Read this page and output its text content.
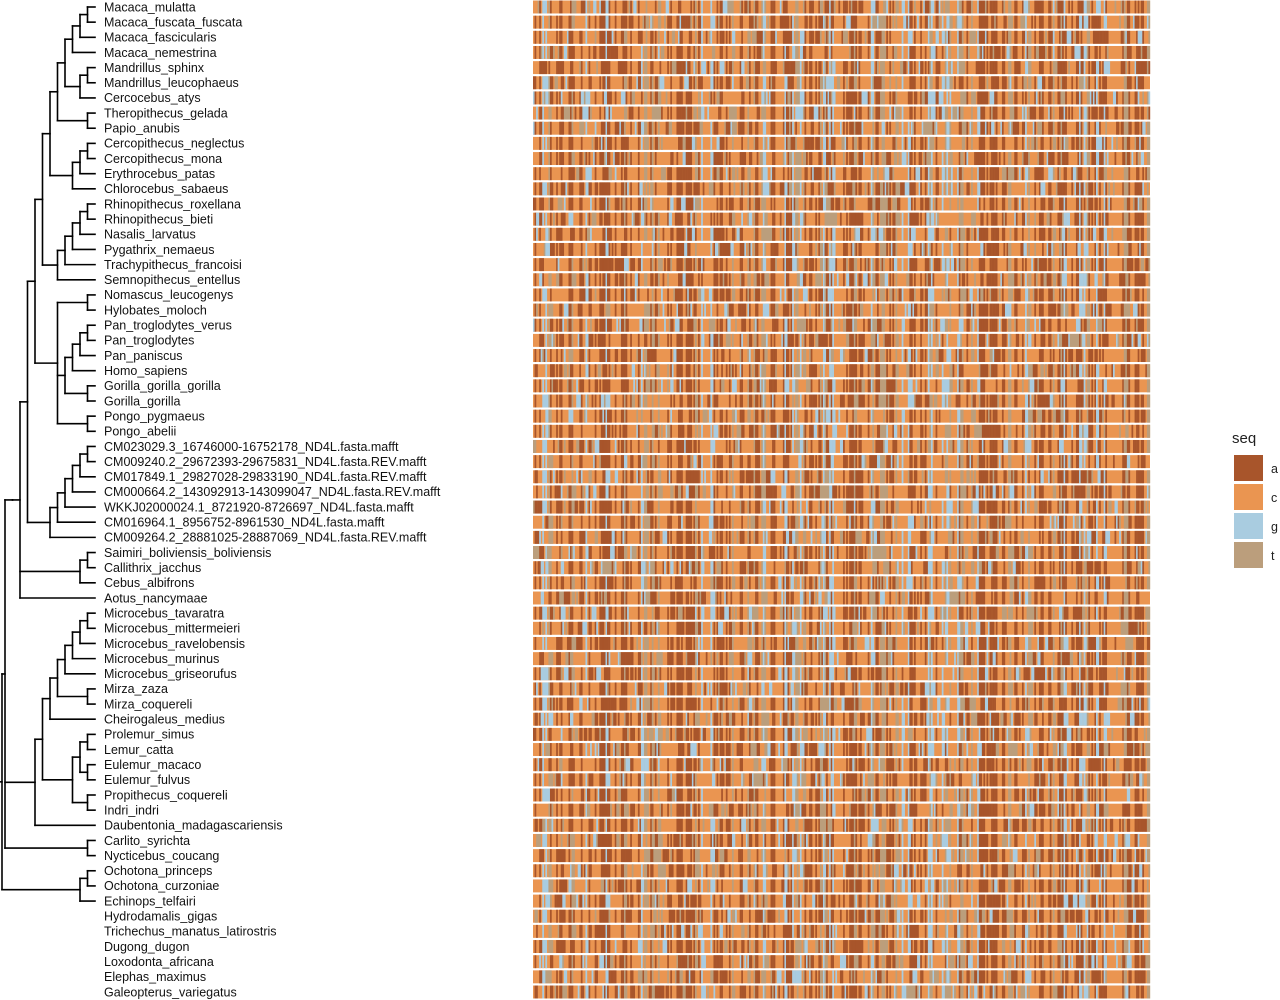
Macaca_mulatta
Macaca_fuscata_fuscata
Macaca_fascicularis
Macaca_nemestrina
Mandrillus_sphinx
Mandrillus_leucophaeus
Cercocebus_atys
Theropithecus_gelada
Papio_anubis
Cercopithecus_neglectus
Cercopithecus_mona
Erythrocebus_patas
Chlorocebus_sabaeus
Rhinopithecus_roxellana
Rhinopithecus_bieti
Nasalis_larvatus
Pygathrix_nemaeus
Trachypithecus_francoisi
Semnopithecus_entellus
Nomascus_leucogenys
Hylobates_moloch
Pan_troglodytes_verus
Pan_troglodytes
Pan_paniscus
Homo_sapiens
Gorilla_gorilla_gorilla
Gorilla_gorilla
Pongo_pygmaeus
Pongo_abelii
CM023029.3_16746000-16752178_ND4L.fasta.mafft
CM009240.2_29672393-29675831_ND4L.fasta.REV.mafft
CM017849.1_29827028-29833190_ND4L.fasta.REV.mafft
CM000664.2_143092913-143099047_ND4L.fasta.REV.mafft
WKKJ02000024.1_8721920-8726697_ND4L.fasta.mafft
CM016964.1_8956752-8961530_ND4L.fasta.mafft
CM009264.2_28881025-28887069_ND4L.fasta.REV.mafft
Saimiri_boliviensis_boliviensis
Callithrix_jacchus
Cebus_albifrons
Aotus_nancymaae
Microcebus_tavaratra
Microcebus_mittermeieri
Microcebus_ravelobensis
Microcebus_murinus
Microcebus_griseorufus
Mirza_zaza
Mirza_coquereli
Cheirogaleus_medius
Prolemur_simus
Lemur_catta
Eulemur_macaco
Eulemur_fulvus
Propithecus_coquereli
Indri_indri
Daubentonia_madagascariensis
Carlito_syrichta
Nycticebus_coucang
Ochotona_princeps
Ochotona_curzoniae
Echinops_telfairi
Hydrodamalis_gigas
Trichechus_manatus_latirostris
Dugong_dugon
Loxodonta_africana
Elephas_maximus
Galeopterus_variegatus
seq
a
c
g
t
